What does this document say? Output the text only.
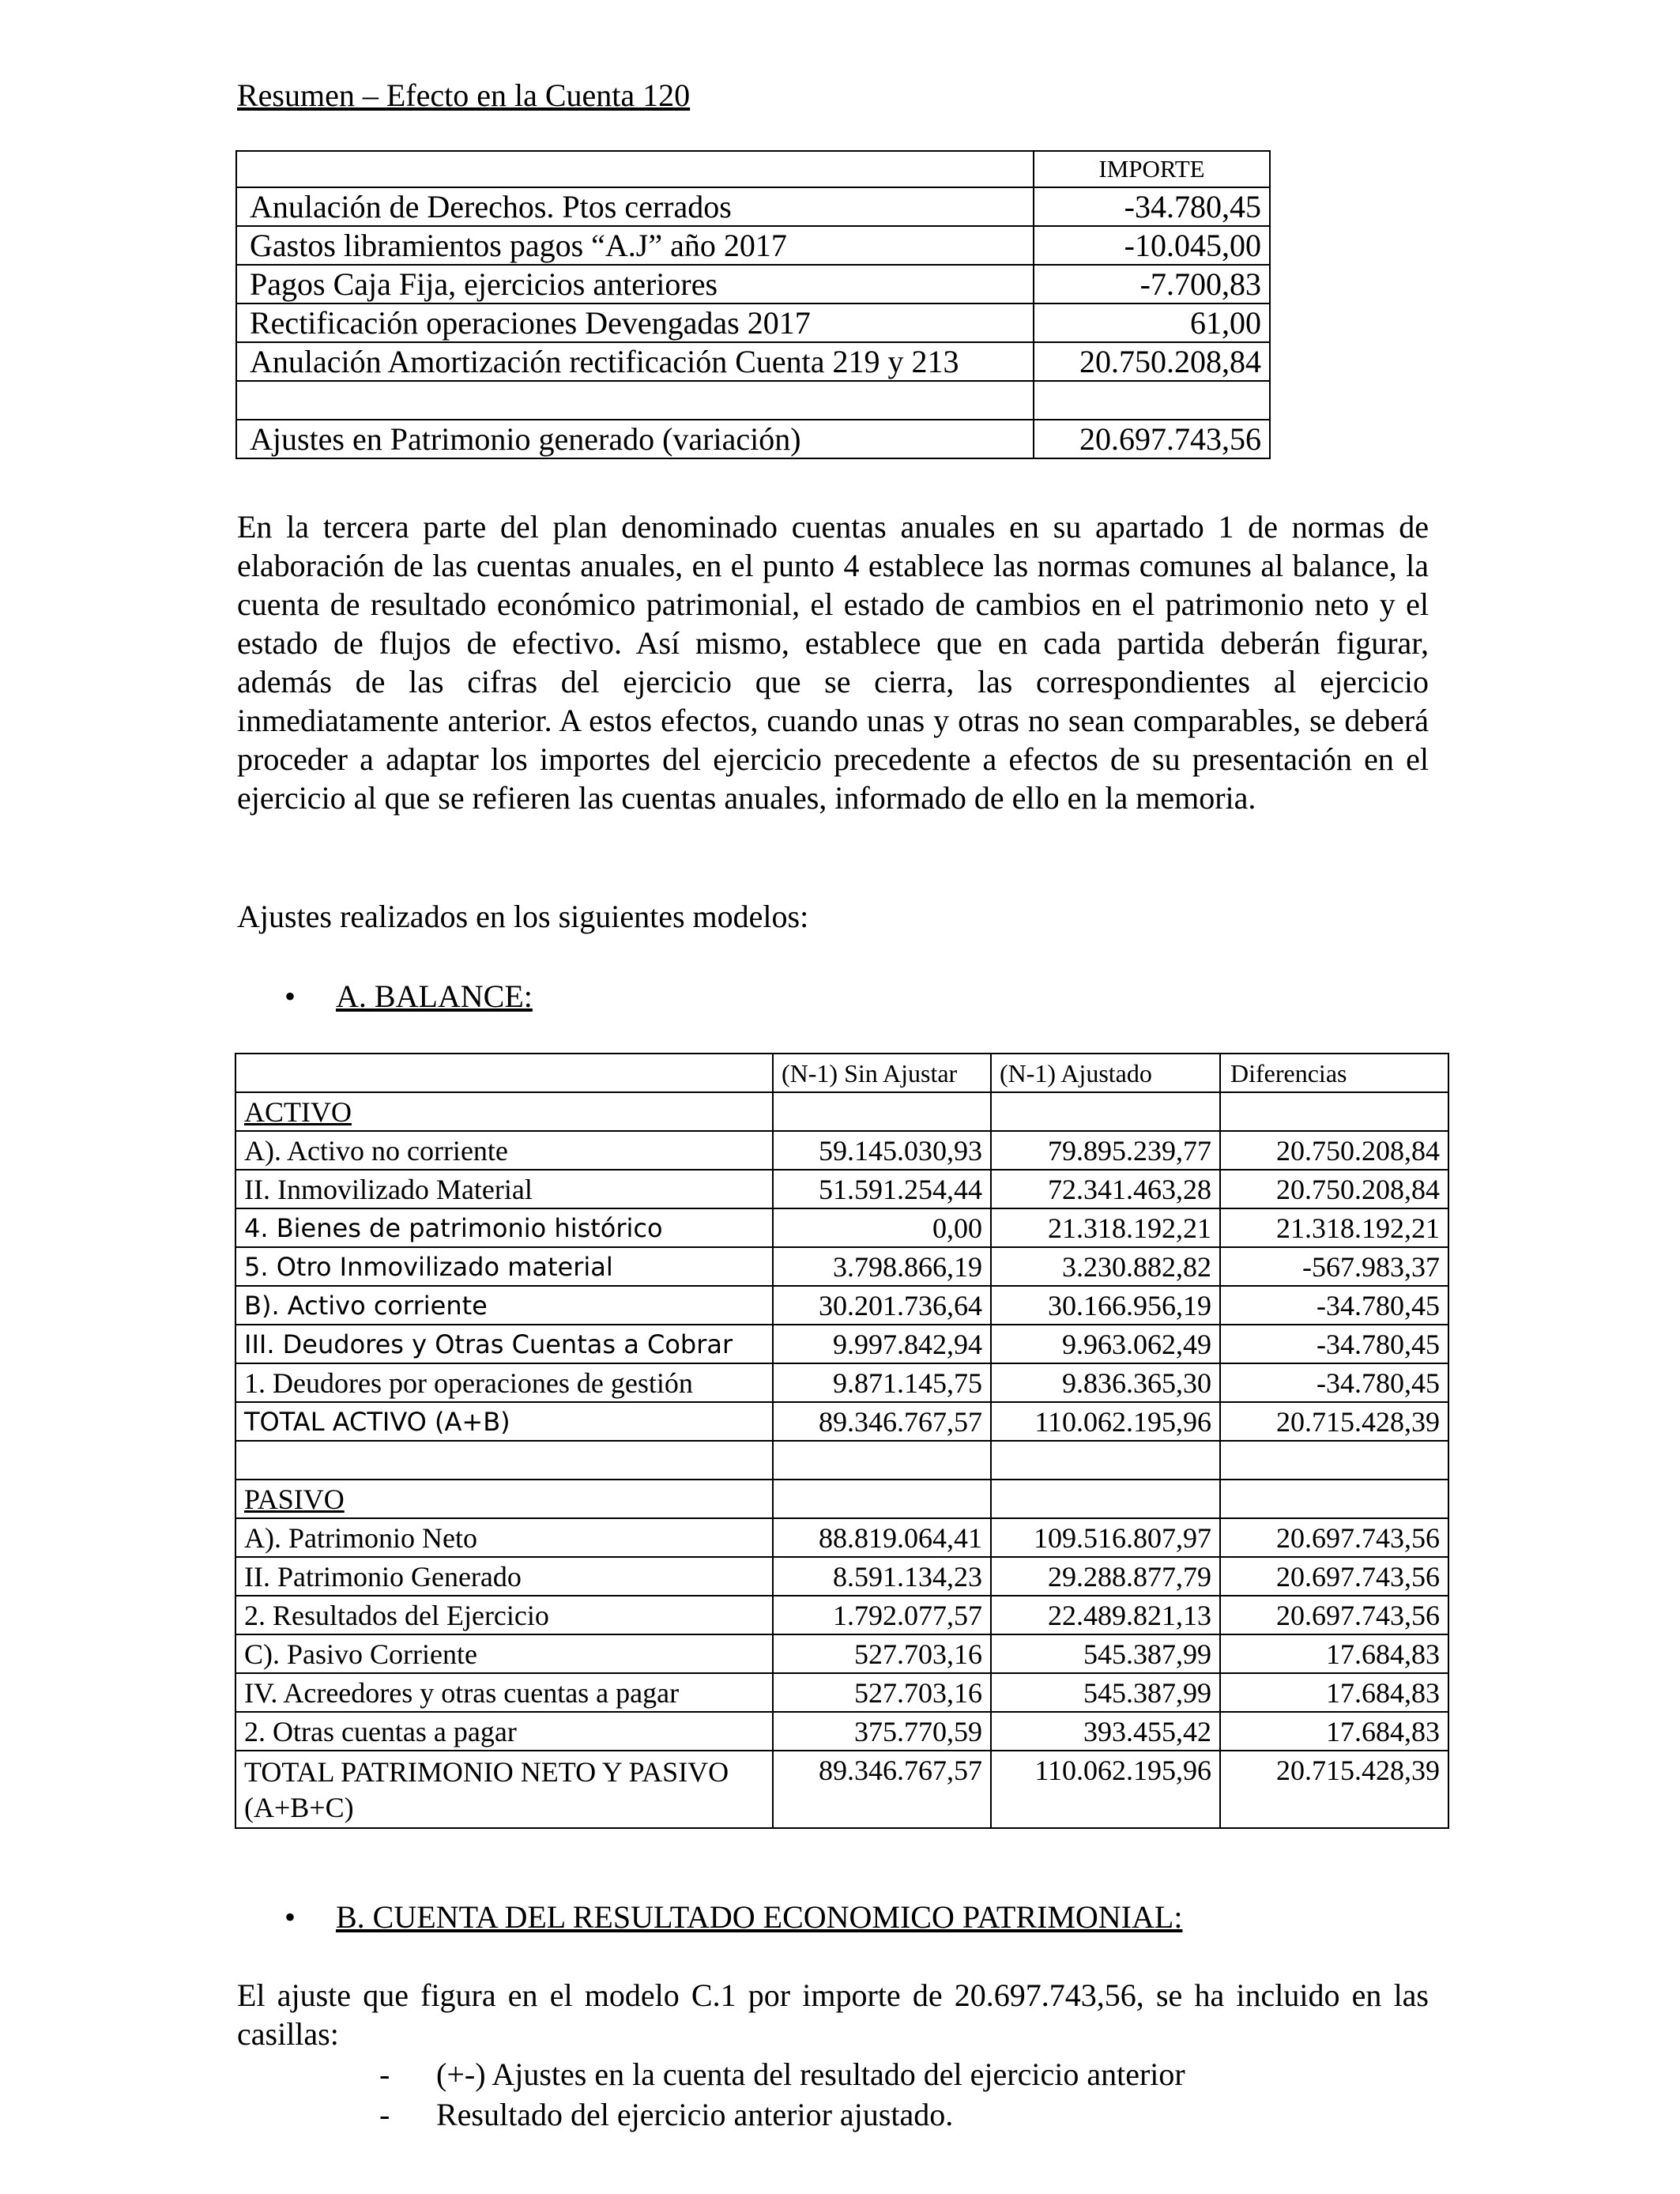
Resumen – Efecto en la Cuenta 120
	IMPORTE
Anulación de Derechos. Ptos cerrados	-34.780,45
Gastos libramientos pagos “A.J” año 2017	-10.045,00
Pagos Caja Fija, ejercicios anteriores	-7.700,83
Rectificación operaciones Devengadas 2017	61,00
Anulación Amortización rectificación Cuenta 219 y 213	20.750.208,84

Ajustes en Patrimonio generado (variación)	20.697.743,56

En la tercera parte del plan denominado cuentas anuales en su apartado 1 de normas de elaboración de las cuentas anuales, en el punto 4 establece las normas comunes al balance, la cuenta de resultado económico patrimonial, el estado de cambios en el patrimonio neto y el estado de flujos de efectivo. Así mismo, establece que en cada partida deberán figurar, además de las cifras del ejercicio que se cierra, las correspondientes al ejercicio inmediatamente anterior. A estos efectos, cuando unas y otras no sean comparables, se deberá proceder a adaptar los importes del ejercicio precedente a efectos de su presentación en el ejercicio al que se refieren las cuentas anuales, informado de ello en la memoria.

Ajustes realizados en los siguientes modelos:

• A. BALANCE:
	(N-1) Sin Ajustar	(N-1) Ajustado	Diferencias
ACTIVO			
A). Activo no corriente	59.145.030,93	79.895.239,77	20.750.208,84
II. Inmovilizado Material	51.591.254,44	72.341.463,28	20.750.208,84
4. Bienes de patrimonio histórico	0,00	21.318.192,21	21.318.192,21
5. Otro Inmovilizado material	3.798.866,19	3.230.882,82	-567.983,37
B). Activo corriente	30.201.736,64	30.166.956,19	-34.780,45
III. Deudores y Otras Cuentas a Cobrar	9.997.842,94	9.963.062,49	-34.780,45
1. Deudores por operaciones de gestión	9.871.145,75	9.836.365,30	-34.780,45
TOTAL ACTIVO (A+B)	89.346.767,57	110.062.195,96	20.715.428,39

PASIVO			
A). Patrimonio Neto	88.819.064,41	109.516.807,97	20.697.743,56
II. Patrimonio Generado	8.591.134,23	29.288.877,79	20.697.743,56
2. Resultados del Ejercicio	1.792.077,57	22.489.821,13	20.697.743,56
C). Pasivo Corriente	527.703,16	545.387,99	17.684,83
IV. Acreedores y otras cuentas a pagar	527.703,16	545.387,99	17.684,83
2. Otras cuentas a pagar	375.770,59	393.455,42	17.684,83
TOTAL PATRIMONIO NETO Y PASIVO (A+B+C)	89.346.767,57	110.062.195,96	20.715.428,39
• B. CUENTA DEL RESULTADO ECONOMICO PATRIMONIAL:

El ajuste que figura en el modelo C.1 por importe de 20.697.743,56, se ha incluido en las casillas:

- (+-) Ajustes en la cuenta del resultado del ejercicio anterior
- Resultado del ejercicio anterior ajustado.
